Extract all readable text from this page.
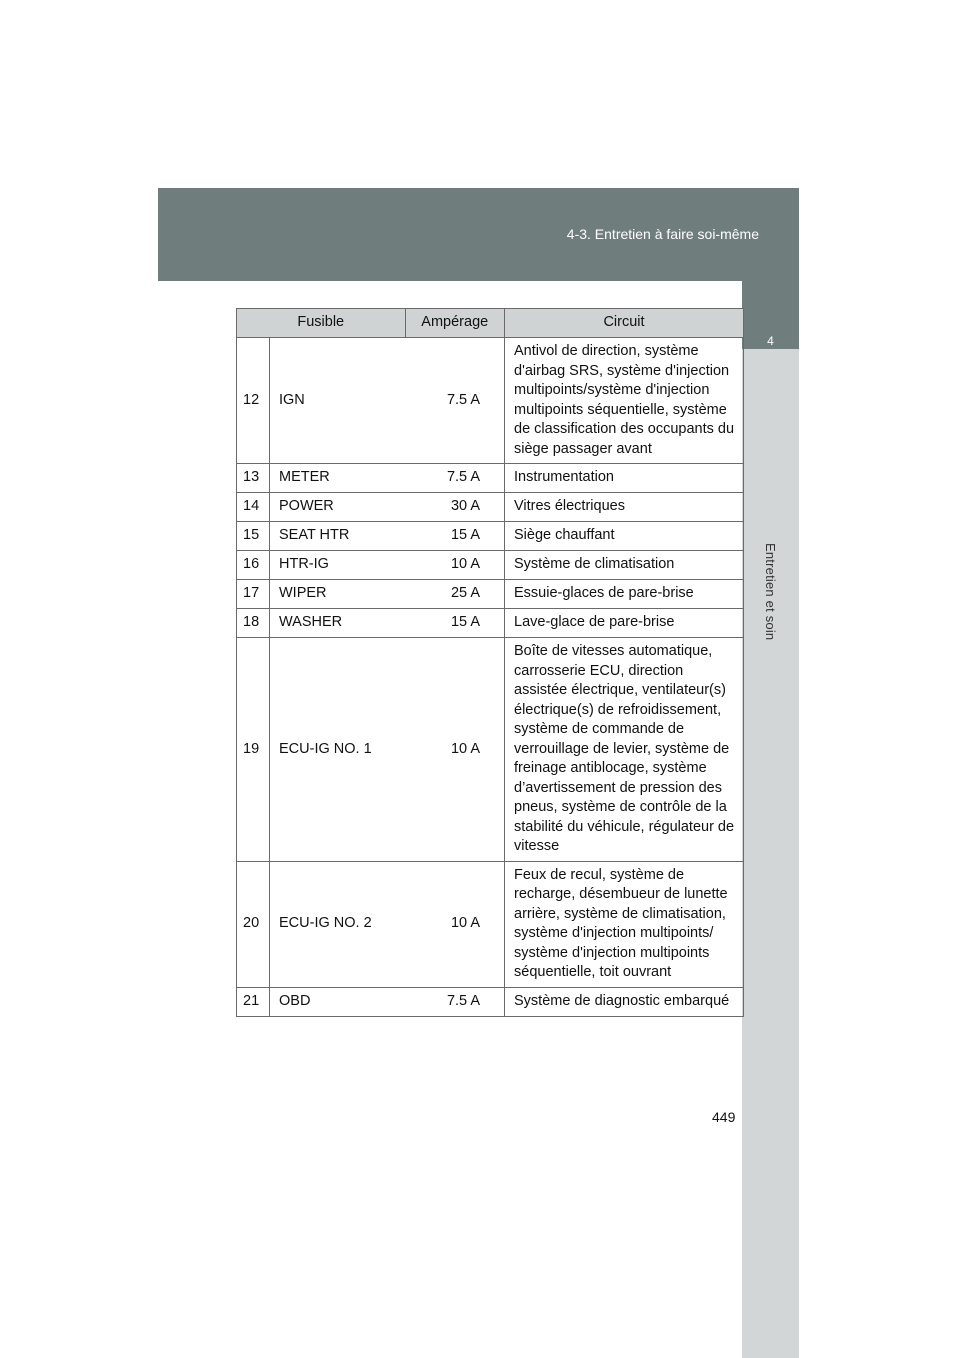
4-3. Entretien à faire soi-même
4
Entretien et soin
Fusible		Ampérage	Circuit
12	IGN	7.5 A	Antivol de direction, système d'airbag SRS, système d'injection multipoints/système d'injection multipoints séquentielle, système de classification des occupants du siège passager avant
13	METER	7.5 A	Instrumentation
14	POWER	30 A	Vitres électriques
15	SEAT HTR	15 A	Siège chauffant
16	HTR-IG	10 A	Système de climatisation
17	WIPER	25 A	Essuie-glaces de pare-brise
18	WASHER	15 A	Lave-glace de pare-brise
19	ECU-IG NO. 1	10 A	Boîte de vitesses automatique, carrosserie ECU, direction assistée électrique, ventilateur(s) électrique(s) de refroidissement, système de commande de verrouillage de levier, système de freinage antiblocage, système d’avertissement de pression des pneus, système de contrôle de la stabilité du véhicule, régulateur de vitesse
20	ECU-IG NO. 2	10 A	Feux de recul, système de recharge, désembueur de lunette arrière, système de climatisation, système d'injection multipoints/ système d'injection multipoints séquentielle, toit ouvrant
21	OBD	7.5 A	Système de diagnostic embarqué
449
